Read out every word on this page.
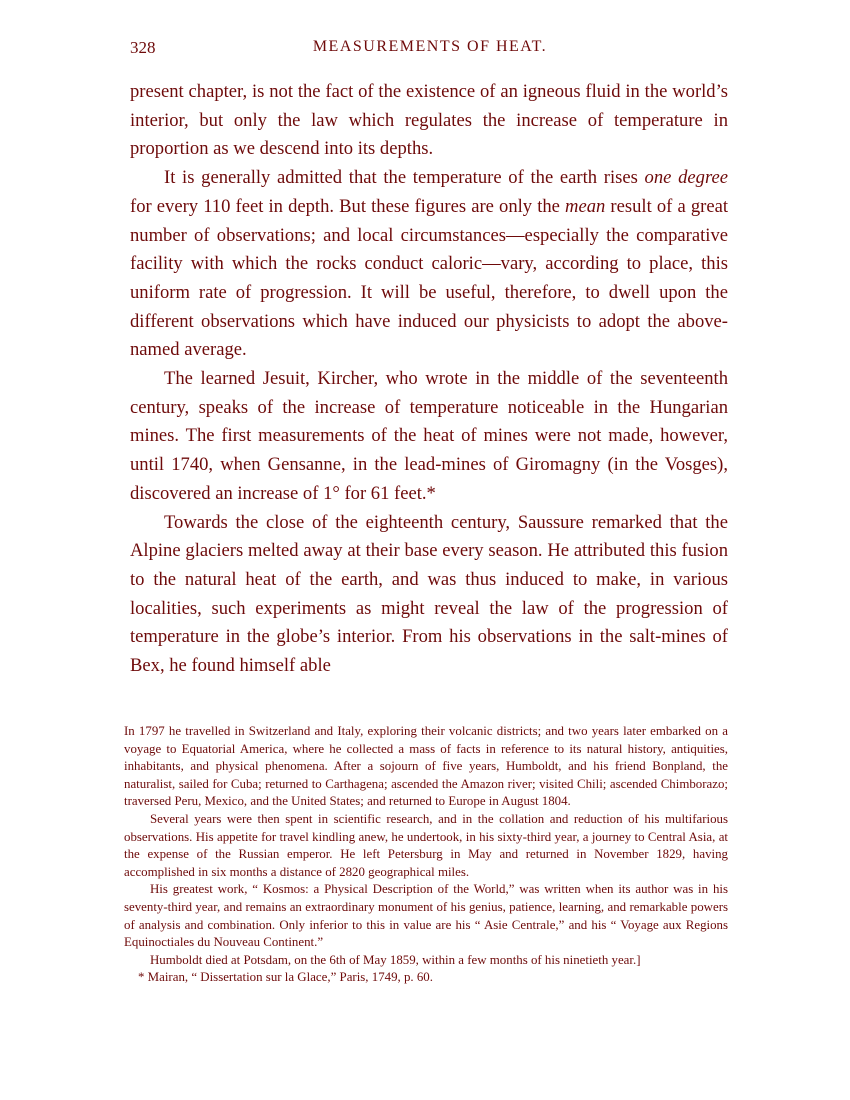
328	MEASUREMENTS OF HEAT.

present chapter, is not the fact of the existence of an igneous fluid in the world’s interior, but only the law which regulates the increase of temperature in proportion as we descend into its depths.

It is generally admitted that the temperature of the earth rises one degree for every 110 feet in depth. But these figures are only the mean result of a great number of observations; and local circumstances—especially the comparative facility with which the rocks conduct caloric—vary, according to place, this uniform rate of progression. It will be useful, therefore, to dwell upon the different observations which have induced our physicists to adopt the above-named average.

The learned Jesuit, Kircher, who wrote in the middle of the seventeenth century, speaks of the increase of temperature noticeable in the Hungarian mines. The first measurements of the heat of mines were not made, however, until 1740, when Gensanne, in the lead-mines of Giromagny (in the Vosges), discovered an increase of 1° for 61 feet.*

Towards the close of the eighteenth century, Saussure remarked that the Alpine glaciers melted away at their base every season. He attributed this fusion to the natural heat of the earth, and was thus induced to make, in various localities, such experiments as might reveal the law of the progression of temperature in the globe’s interior. From his observations in the salt-mines of Bex, he found himself able

In 1797 he travelled in Switzerland and Italy, exploring their volcanic districts; and two years later embarked on a voyage to Equatorial America, where he collected a mass of facts in reference to its natural history, antiquities, inhabitants, and physical phenomena. After a sojourn of five years, Humboldt, and his friend Bonpland, the naturalist, sailed for Cuba; returned to Carthagena; ascended the Amazon river; visited Chili; ascended Chimborazo; traversed Peru, Mexico, and the United States; and returned to Europe in August 1804.

Several years were then spent in scientific research, and in the collation and reduction of his multifarious observations. His appetite for travel kindling anew, he undertook, in his sixty-third year, a journey to Central Asia, at the expense of the Russian emperor. He left Petersburg in May and returned in November 1829, having accomplished in six months a distance of 2820 geographical miles.

His greatest work, “ Kosmos: a Physical Description of the World,” was written when its author was in his seventy-third year, and remains an extraordinary monument of his genius, patience, learning, and remarkable powers of analysis and combination. Only inferior to this in value are his “ Asie Centrale,” and his “ Voyage aux Regions Equinoctiales du Nouveau Continent.”

Humboldt died at Potsdam, on the 6th of May 1859, within a few months of his ninetieth year.]

* Mairan, “ Dissertation sur la Glace,” Paris, 1749, p. 60.
